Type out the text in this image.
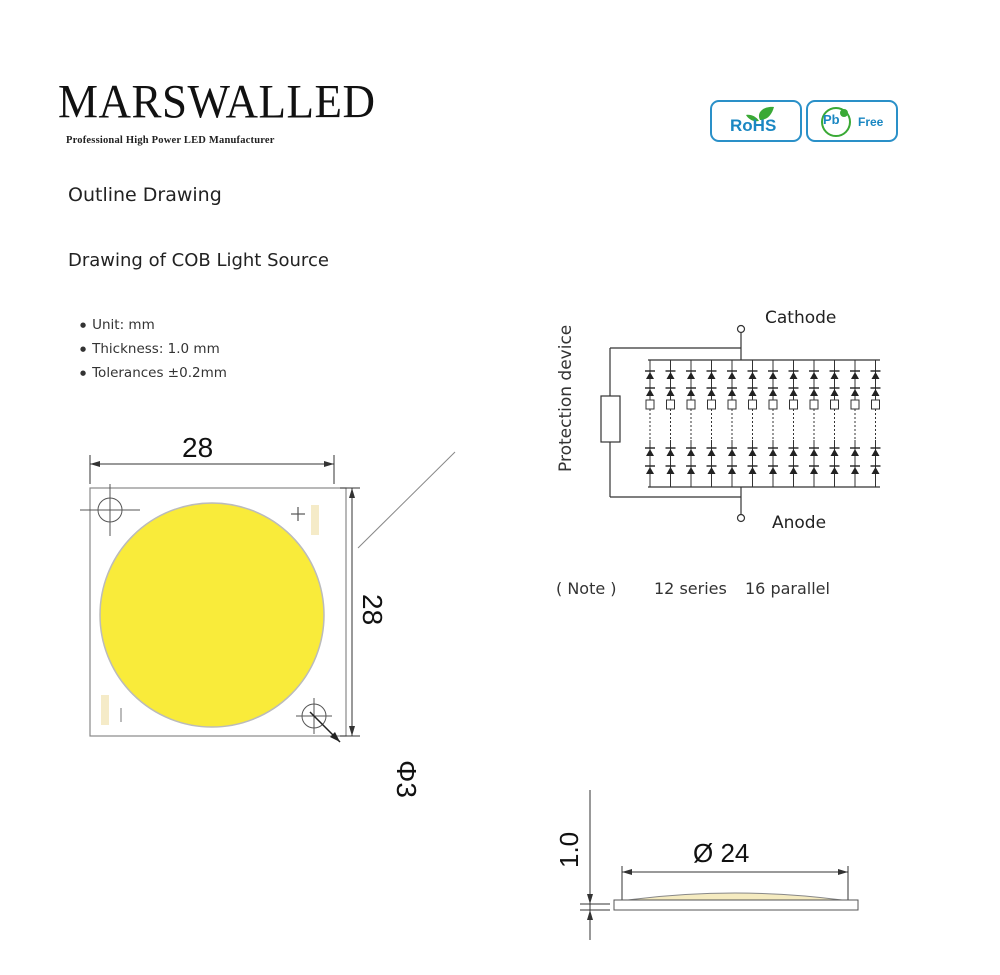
MARSWALLED
Professional High Power LED Manufacturer
RoHS	Pb Free
Outline Drawing
Drawing of COB Light Source
● Unit: mm
● Thickness: 1.0 mm
● Tolerances ±0.2mm
28
28
Φ3
Protection device
Cathode
Anode
( Note ) 12 series 16 parallel
1.0	Ø 24
